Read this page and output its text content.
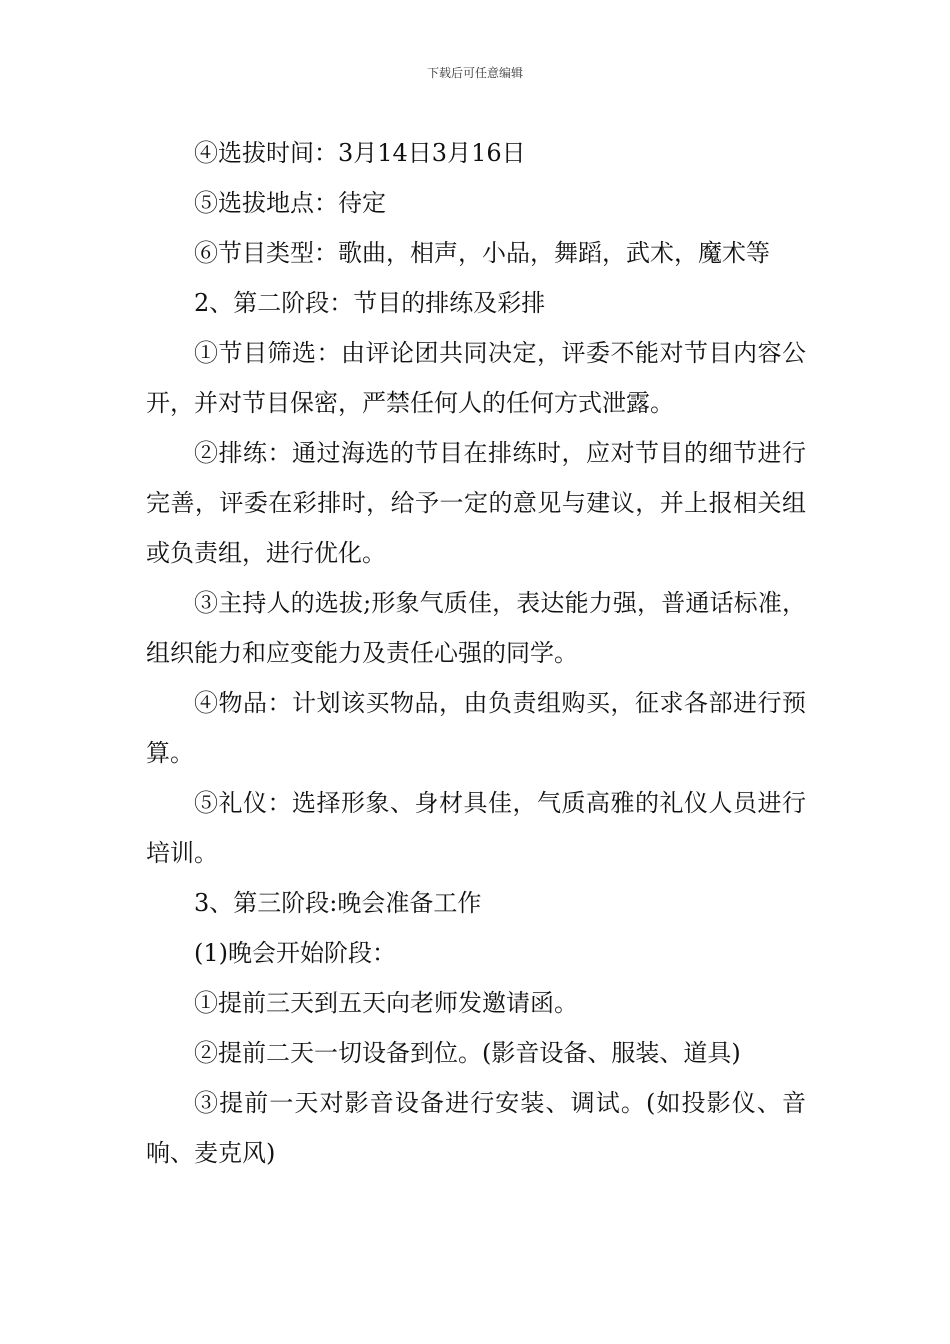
下载后可任意编辑

④选拔时间：3月14日3月16日

⑤选拔地点：待定

⑥节目类型：歌曲，相声，小品，舞蹈，武术，魔术等

2、第二阶段：节目的排练及彩排

①节目筛选：由评论团共同决定，评委不能对节目内容公开，并对节目保密，严禁任何人的任何方式泄露。

②排练：通过海选的节目在排练时，应对节目的细节进行完善，评委在彩排时，给予一定的意见与建议，并上报相关组或负责组，进行优化。

③主持人的选拔;形象气质佳，表达能力强，普通话标准，组织能力和应变能力及责任心强的同学。

④物品：计划该买物品，由负责组购买，征求各部进行预算。

⑤礼仪：选择形象、身材具佳，气质高雅的礼仪人员进行培训。

3、第三阶段:晚会准备工作

(1)晚会开始阶段：

①提前三天到五天向老师发邀请函。

②提前二天一切设备到位。(影音设备、服装、道具)

③提前一天对影音设备进行安装、调试。(如投影仪、音响、麦克风)
